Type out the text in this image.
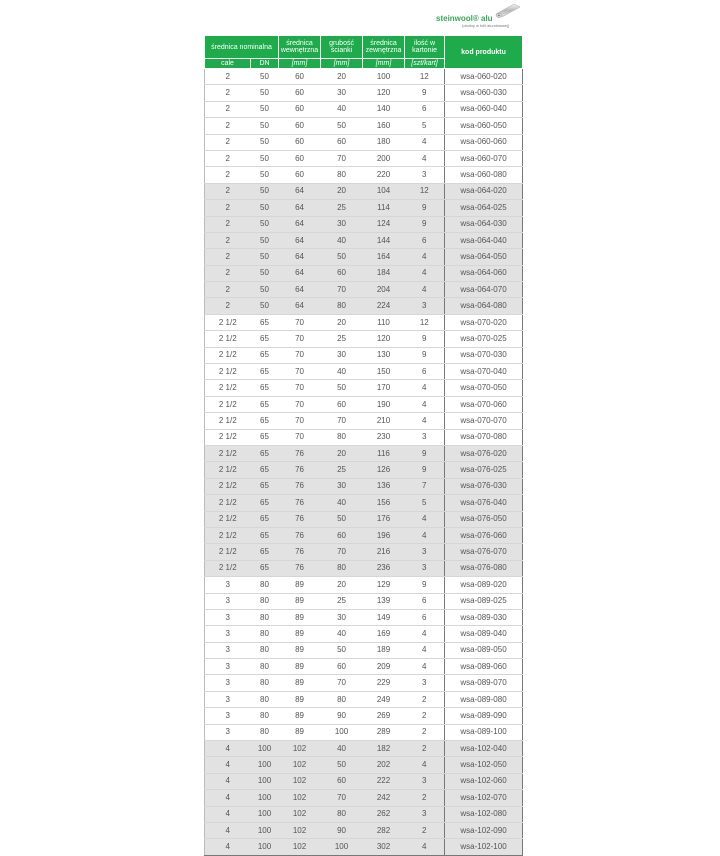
steinwool® alu
(otuliny w folii aluminiowej)
średnica nominalna		średnica wewnętrzna	grubość ścianki	średnica zewnętrzna	ilość w kartonie	kod produktu
cale	DN	[mm]	[mm]	[mm]	[szt/kart]	
2	50	60	20	100	12	wsa-060-020
2	50	60	30	120	9	wsa-060-030
2	50	60	40	140	6	wsa-060-040
2	50	60	50	160	5	wsa-060-050
2	50	60	60	180	4	wsa-060-060
2	50	60	70	200	4	wsa-060-070
2	50	60	80	220	3	wsa-060-080
2	50	64	20	104	12	wsa-064-020
2	50	64	25	114	9	wsa-064-025
2	50	64	30	124	9	wsa-064-030
2	50	64	40	144	6	wsa-064-040
2	50	64	50	164	4	wsa-064-050
2	50	64	60	184	4	wsa-064-060
2	50	64	70	204	4	wsa-064-070
2	50	64	80	224	3	wsa-064-080
2 1/2	65	70	20	110	12	wsa-070-020
2 1/2	65	70	25	120	9	wsa-070-025
2 1/2	65	70	30	130	9	wsa-070-030
2 1/2	65	70	40	150	6	wsa-070-040
2 1/2	65	70	50	170	4	wsa-070-050
2 1/2	65	70	60	190	4	wsa-070-060
2 1/2	65	70	70	210	4	wsa-070-070
2 1/2	65	70	80	230	3	wsa-070-080
2 1/2	65	76	20	116	9	wsa-076-020
2 1/2	65	76	25	126	9	wsa-076-025
2 1/2	65	76	30	136	7	wsa-076-030
2 1/2	65	76	40	156	5	wsa-076-040
2 1/2	65	76	50	176	4	wsa-076-050
2 1/2	65	76	60	196	4	wsa-076-060
2 1/2	65	76	70	216	3	wsa-076-070
2 1/2	65	76	80	236	3	wsa-076-080
3	80	89	20	129	9	wsa-089-020
3	80	89	25	139	6	wsa-089-025
3	80	89	30	149	6	wsa-089-030
3	80	89	40	169	4	wsa-089-040
3	80	89	50	189	4	wsa-089-050
3	80	89	60	209	4	wsa-089-060
3	80	89	70	229	3	wsa-089-070
3	80	89	80	249	2	wsa-089-080
3	80	89	90	269	2	wsa-089-090
3	80	89	100	289	2	wsa-089-100
4	100	102	40	182	2	wsa-102-040
4	100	102	50	202	4	wsa-102-050
4	100	102	60	222	3	wsa-102-060
4	100	102	70	242	2	wsa-102-070
4	100	102	80	262	3	wsa-102-080
4	100	102	90	282	2	wsa-102-090
4	100	102	100	302	4	wsa-102-100
